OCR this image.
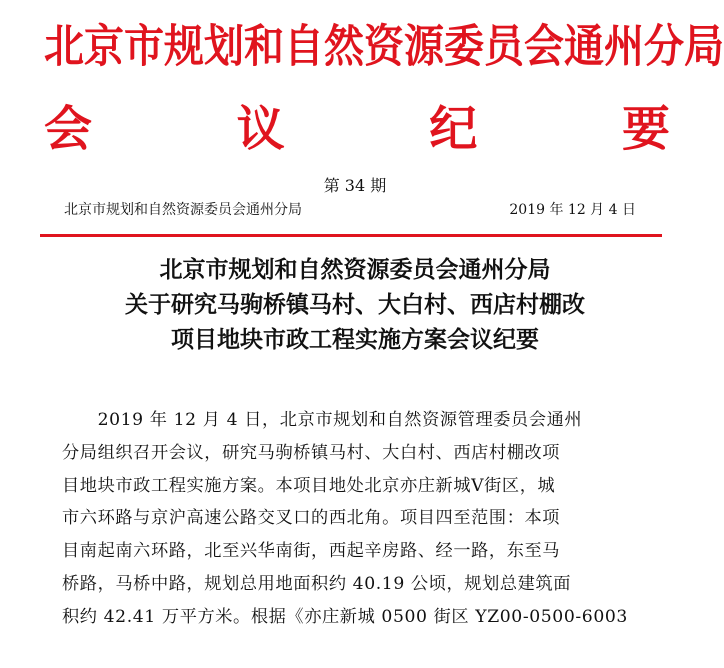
北 京 市 规 划 和 自 然 资 源 委 员 会 通 州 分 局
会	议	纪	要
第 34 期
北京市规划和自然资源委员会通州分局	2019 年 12 月 4 日
北京市规划和自然资源委员会通州分局
关于研究马驹桥镇马村、大白村、西店村棚改
项目地块市政工程实施方案会议纪要
　　2019 年 12 月 4 日，北京市规划和自然资源管理委员会通州
分局组织召开会议，研究马驹桥镇马村、大白村、西店村棚改项
目地块市政工程实施方案。本项目地处北京亦庄新城Ⅴ街区，城
市六环路与京沪高速公路交叉口的西北角。项目四至范围：本项
目南起南六环路，北至兴华南街，西起辛房路、经一路，东至马
桥路，马桥中路，规划总用地面积约 40.19 公顷，规划总建筑面
积约 42.41 万平方米。根据《亦庄新城 0500 街区 YZ00-0500-6003
